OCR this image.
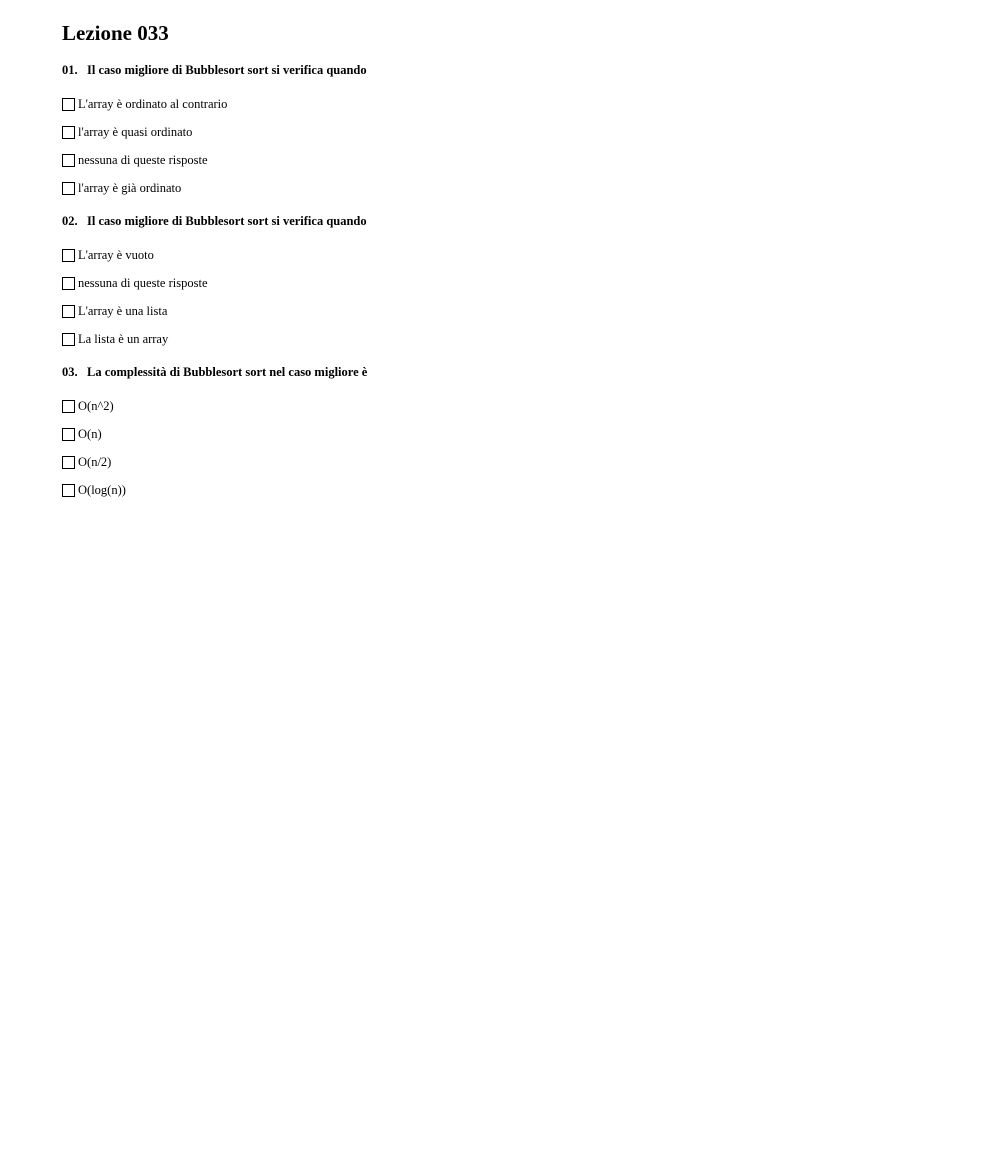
Lezione 033
01. Il caso migliore di Bubblesort sort si verifica quando
L'array è ordinato al contrario
l'array è quasi ordinato
nessuna di queste risposte
l'array è già ordinato
02. Il caso migliore di Bubblesort sort si verifica quando
L'array è vuoto
nessuna di queste risposte
L'array è una lista
La lista è un array
03. La complessità di Bubblesort sort nel caso migliore è
O(n^2)
O(n)
O(n/2)
O(log(n))
